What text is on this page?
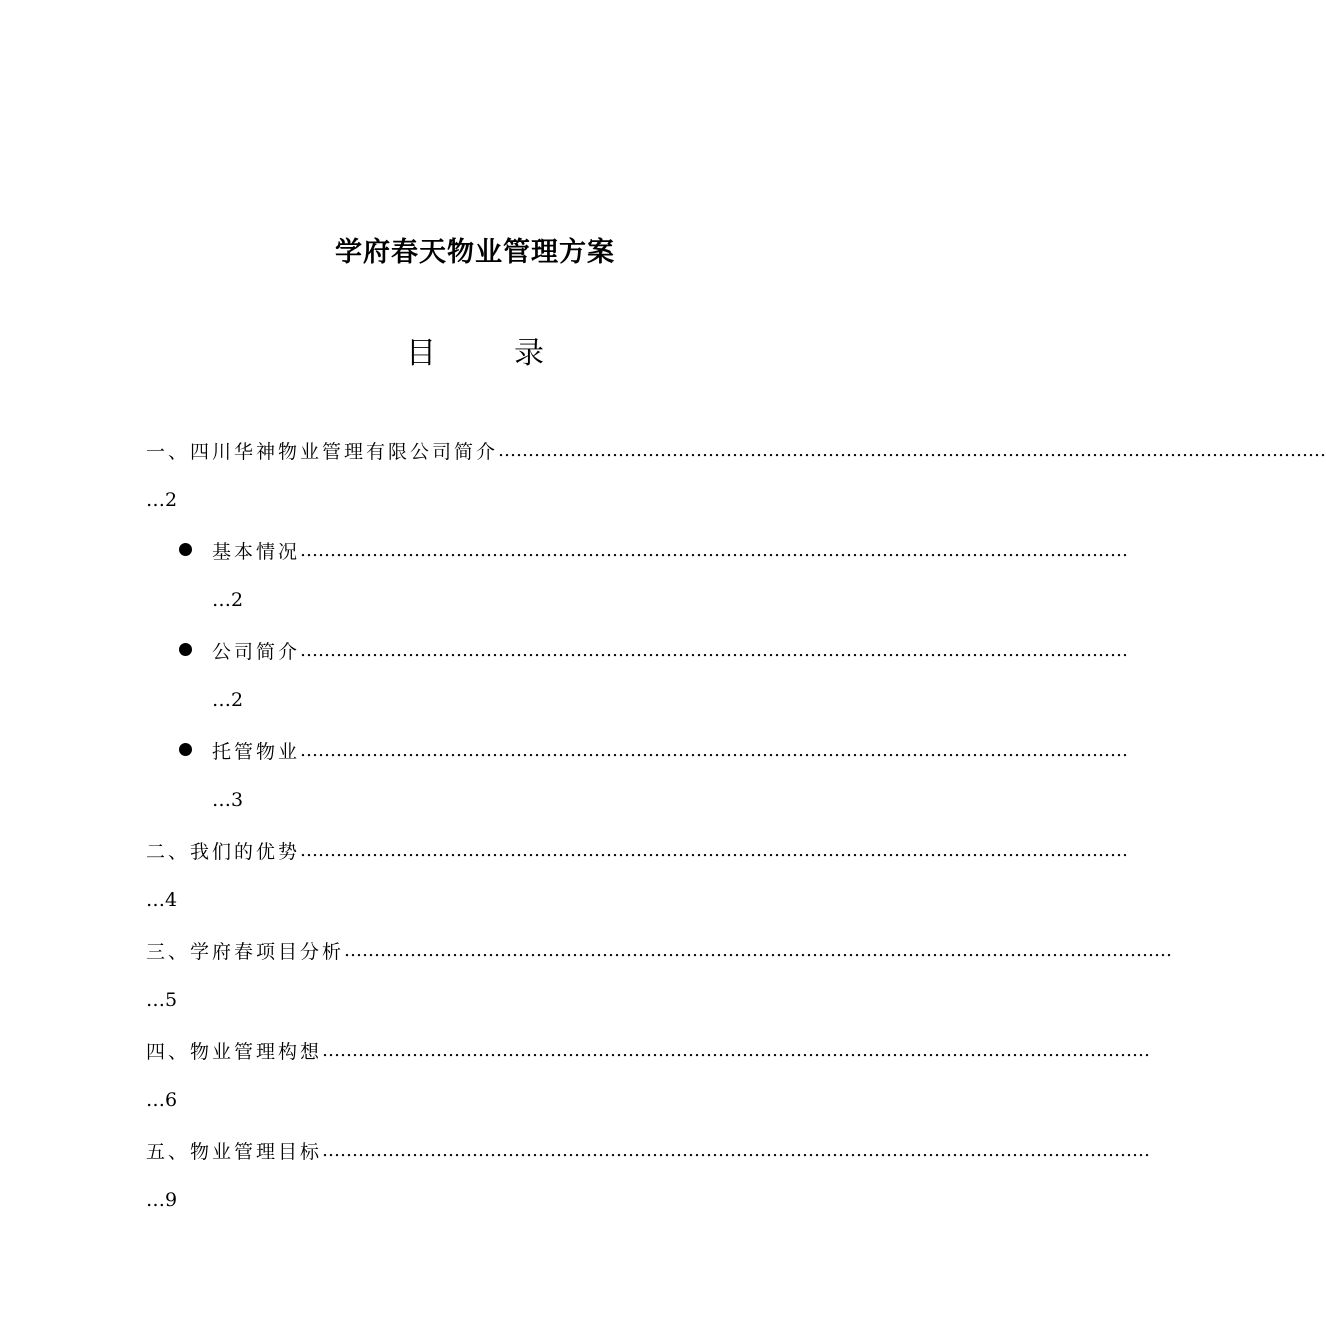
学府春天物业管理方案
目	录
一、四川华神物业管理有限公司简介 …………………………………………………………………………………………………………………………
…2
基本情况 …………………………………………………………………………………………………………………………
…2
公司简介 …………………………………………………………………………………………………………………………
…2
托管物业 …………………………………………………………………………………………………………………………
…3
二、我们的优势 …………………………………………………………………………………………………………………………
…4
三、学府春项目分析 …………………………………………………………………………………………………………………………
…5
四、物业管理构想 …………………………………………………………………………………………………………………………
…6
五、物业管理目标 …………………………………………………………………………………………………………………………
…9
